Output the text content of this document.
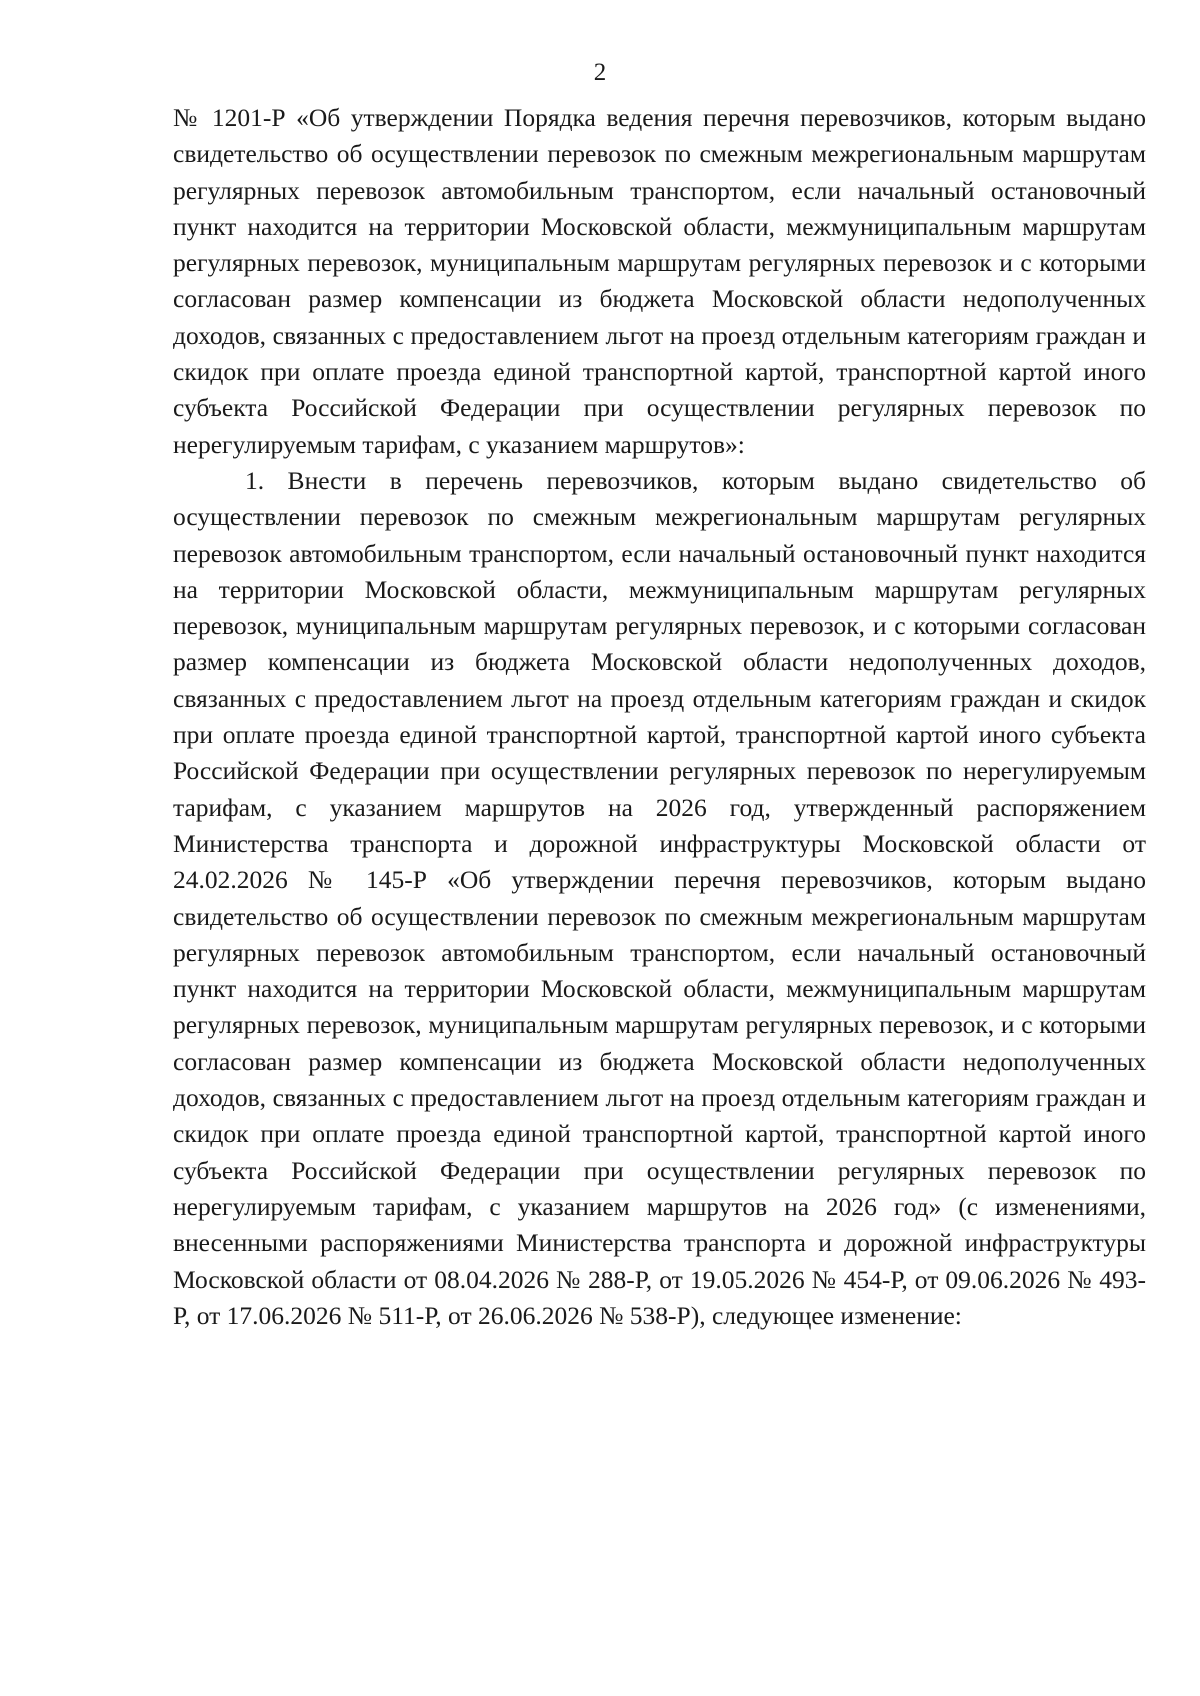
2

№ 1201-Р «Об утверждении Порядка ведения перечня перевозчиков, которым выдано свидетельство об осуществлении перевозок по смежным межрегиональным маршрутам регулярных перевозок автомобильным транспортом, если начальный остановочный пункт находится на территории Московской области, межмуниципальным маршрутам регулярных перевозок, муниципальным маршрутам регулярных перевозок и с которыми согласован размер компенсации из бюджета Московской области недополученных доходов, связанных с предоставлением льгот на проезд отдельным категориям граждан и скидок при оплате проезда единой транспортной картой, транспортной картой иного субъекта Российской Федерации при осуществлении регулярных перевозок по нерегулируемым тарифам, с указанием маршрутов»:

1. Внести в перечень перевозчиков, которым выдано свидетельство об осуществлении перевозок по смежным межрегиональным маршрутам регулярных перевозок автомобильным транспортом, если начальный остановочный пункт находится на территории Московской области, межмуниципальным маршрутам регулярных перевозок, муниципальным маршрутам регулярных перевозок, и с которыми согласован размер компенсации из бюджета Московской области недополученных доходов, связанных с предоставлением льгот на проезд отдельным категориям граждан и скидок при оплате проезда единой транспортной картой, транспортной картой иного субъекта Российской Федерации при осуществлении регулярных перевозок по нерегулируемым тарифам, с указанием маршрутов на 2026 год, утвержденный распоряжением Министерства транспорта и дорожной инфраструктуры Московской области от 24.02.2026 № 145-Р «Об утверждении перечня перевозчиков, которым выдано свидетельство об осуществлении перевозок по смежным межрегиональным маршрутам регулярных перевозок автомобильным транспортом, если начальный остановочный пункт находится на территории Московской области, межмуниципальным маршрутам регулярных перевозок, муниципальным маршрутам регулярных перевозок, и с которыми согласован размер компенсации из бюджета Московской области недополученных доходов, связанных с предоставлением льгот на проезд отдельным категориям граждан и скидок при оплате проезда единой транспортной картой, транспортной картой иного субъекта Российской Федерации при осуществлении регулярных перевозок по нерегулируемым тарифам, с указанием маршрутов на 2026 год» (с изменениями, внесенными распоряжениями Министерства транспорта и дорожной инфраструктуры Московской области от 08.04.2026 № 288-Р, от 19.05.2026 № 454-Р, от 09.06.2026 № 493-Р, от 17.06.2026 № 511-Р, от 26.06.2026 № 538-Р), следующее изменение:
